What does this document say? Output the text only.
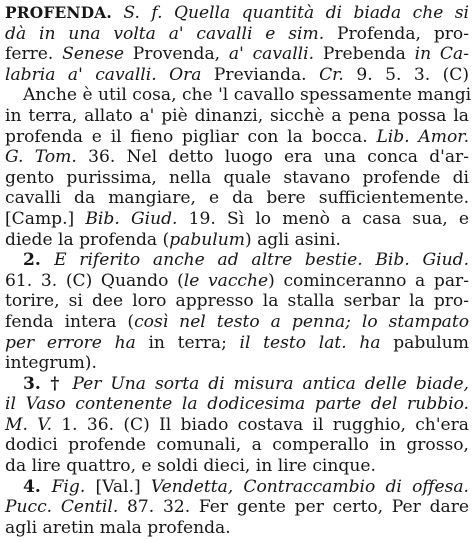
PROFENDA. S. f. Quella quantità di biada che si
dà in una volta a' cavalli e sim. Profenda, pro-
ferre. Senese Provenda, a' cavalli. Prebenda in Ca-
labria a' cavalli. Ora Previanda. Cr. 9. 5. 3. (C)
Anche è util cosa, che 'l cavallo spessamente mangi
in terra, allato a' piè dinanzi, sicchè a pena possa la
profenda e il fieno pigliar con la bocca. Lib. Amor.
G. Tom. 36. Nel detto luogo era una conca d'ar-
gento purissima, nella quale stavano profende di
cavalli da mangiare, e da bere sufficientemente.
[Camp.] Bib. Giud. 19. Sì lo menò a casa sua, e
diede la profenda (pabulum) agli asini.
2. E riferito anche ad altre bestie. Bib. Giud.
61. 3. (C) Quando (le vacche) cominceranno a par-
torire, si dee loro appresso la stalla serbar la pro-
fenda intera (così nel testo a penna; lo stampato
per errore ha in terra; il testo lat. ha pabulum
integrum).
3. † Per Una sorta di misura antica delle biade,
il Vaso contenente la dodicesima parte del rubbio.
M. V. 1. 36. (C) Il biado costava il rugghio, ch'era
dodici profende comunali, a comperallo in grosso,
da lire quattro, e soldi dieci, in lire cinque.
4. Fig. [Val.] Vendetta, Contraccambio di offesa.
Pucc. Centil. 87. 32. Fer gente per certo, Per dare
agli aretin mala profenda.
